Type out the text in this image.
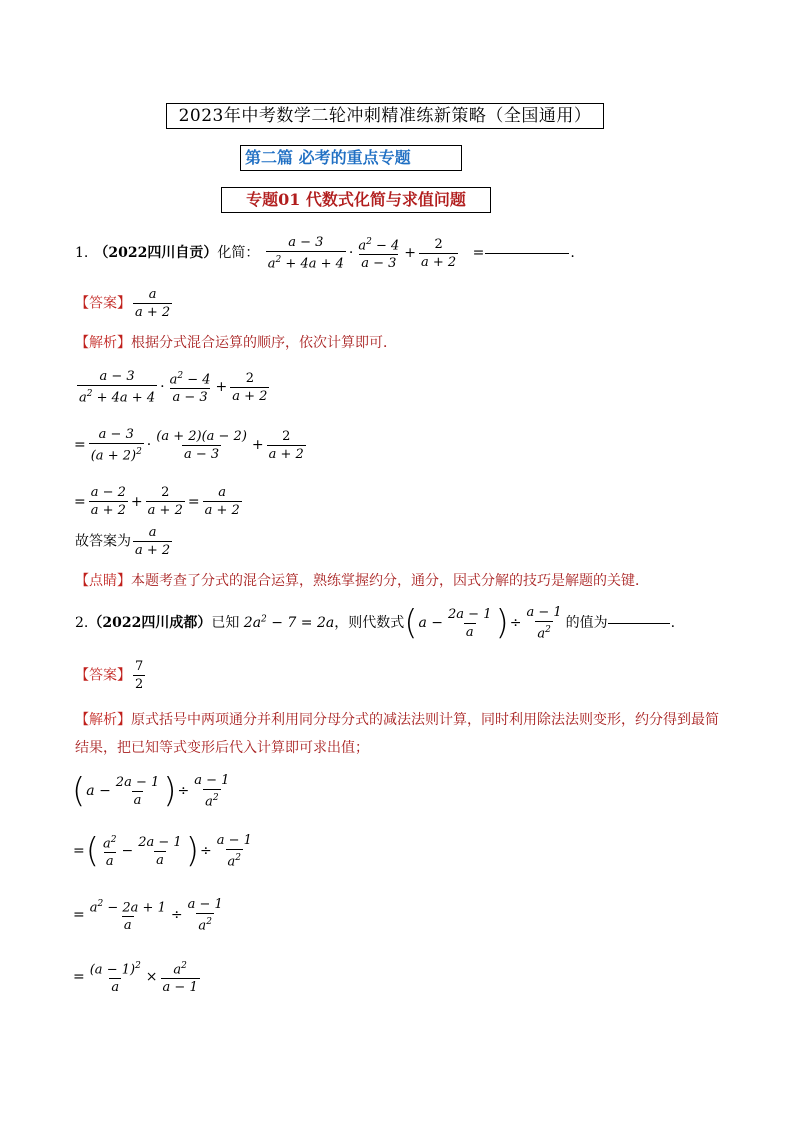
2023年中考数学二轮冲刺精准练新策略（全国通用）
第二篇 必考的重点专题
专题01 代数式化简与求值问题
1. （2022四川自贡）化简： $\frac{a - 3}{a^2 + 4a + 4} \cdot \frac{a^2 - 4}{a - 3} + \frac{2}{a + 2}$ =	.
【答案】 $\frac{a}{a + 2}$
【解析】根据分式混合运算的顺序，依次计算即可．
$\frac{a - 3}{a^2 + 4a + 4} \cdot \frac{a^2 - 4}{a - 3} + \frac{2}{a + 2}$
= $\frac{a - 3}{(a + 2)^2} \cdot \frac{(a + 2)(a - 2)}{a - 3} + \frac{2}{a + 2}$
= $\frac{a - 2}{a + 2} + \frac{2}{a + 2} = \frac{a}{a + 2}$
故答案为 $\frac{a}{a + 2}$
【点睛】本题考查了分式的混合运算，熟练掌握约分，通分，因式分解的技巧是解题的关键．
2.（2022四川成都）已知 $2a^2 - 7 = 2a$，则代数式($a - \frac{2a - 1}{a}$ )÷ $\frac{a - 1}{a^2}$ 的值为	.
【答案】 $\frac{7}{2}$
【解析】原式括号中两项通分并利用同分母分式的减法法则计算，同时利用除法法则变形，约分得到最简
结果，把已知等式变形后代入计算即可求出值；
($a - \frac{2a - 1}{a}$ )÷ $\frac{a - 1}{a^2}$
=( $\frac{a^2}{a} - \frac{2a - 1}{a}$ )÷ $\frac{a - 1}{a^2}$
= $\frac{a^2 - 2a + 1}{a} \div \frac{a - 1}{a^2}$
= $\frac{(a - 1)^2}{a} \times \frac{a^2}{a - 1}$
